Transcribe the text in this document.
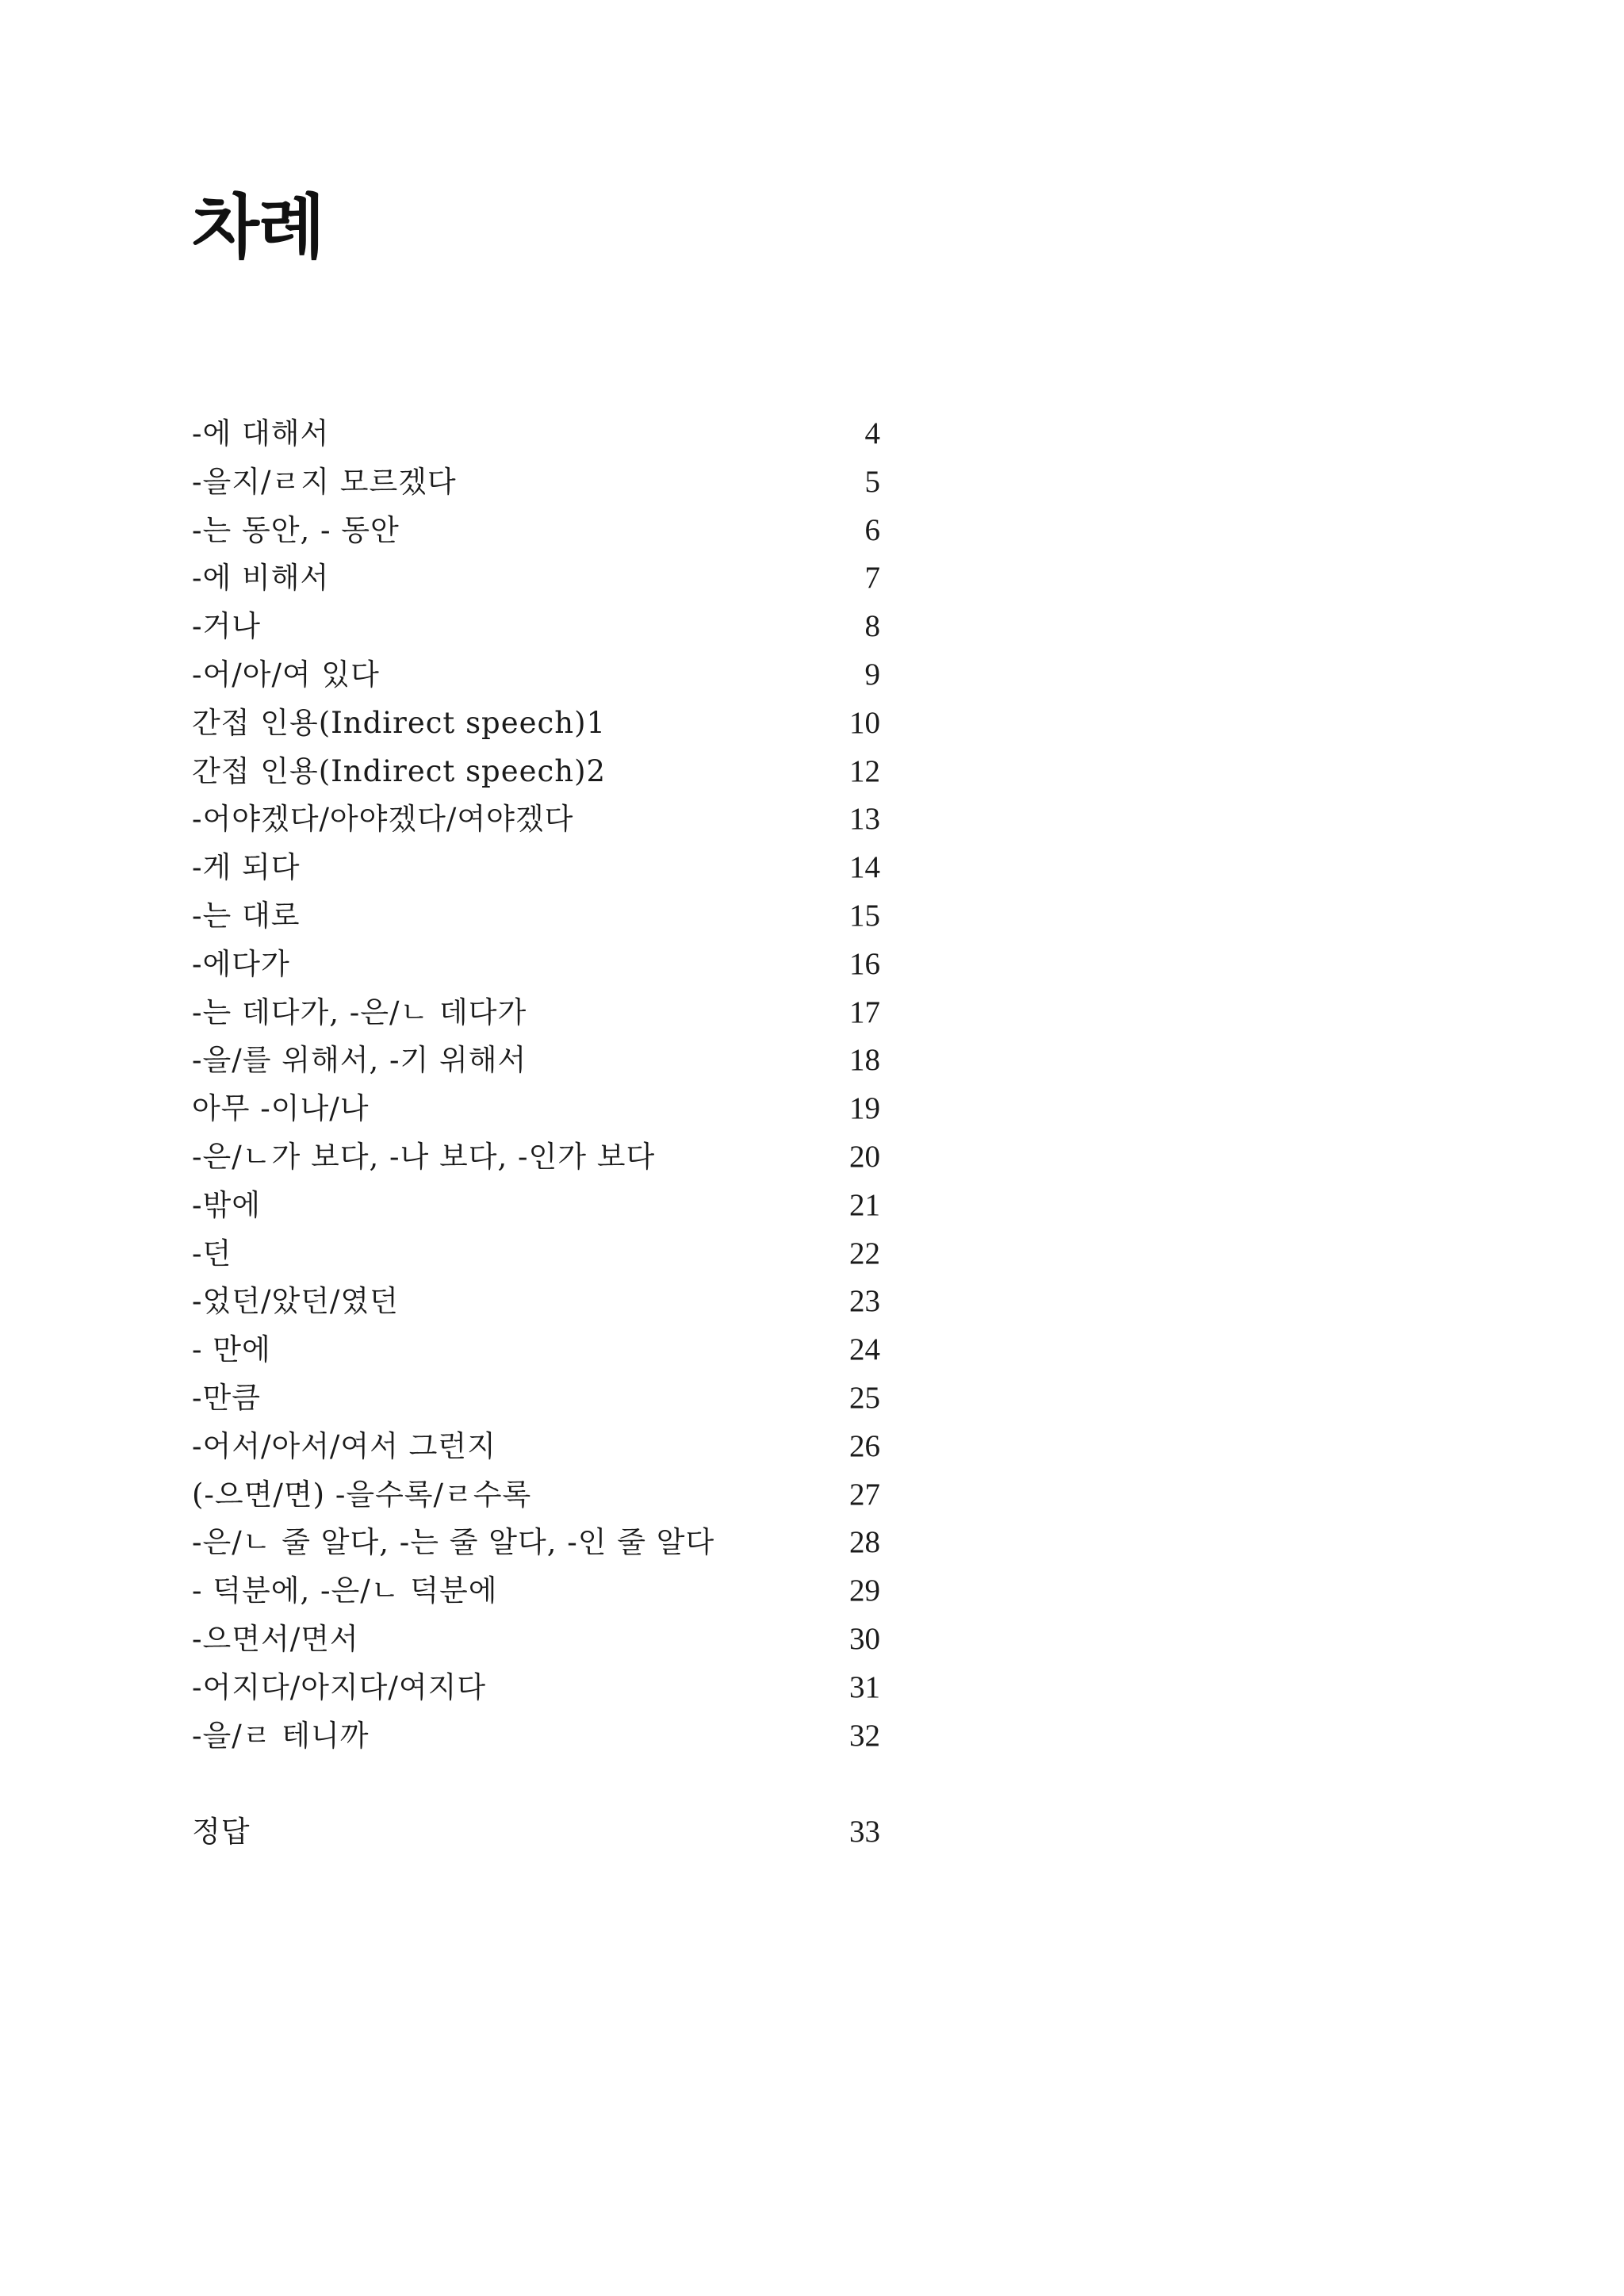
차례
-에 대해서	4
-을지/ㄹ지 모르겠다	5
-는 동안, - 동안	6
-에 비해서	7
-거나	8
-어/아/여 있다	9
간접 인용(Indirect speech)1	10
간접 인용(Indirect speech)2	12
-어야겠다/아야겠다/여야겠다	13
-게 되다	14
-는 대로	15
-에다가	16
-는 데다가, -은/ㄴ 데다가	17
-을/를 위해서, -기 위해서	18
아무 -이나/나	19
-은/ㄴ가 보다, -나 보다, -인가 보다	20
-밖에	21
-던	22
-었던/았던/였던	23
- 만에	24
-만큼	25
-어서/아서/여서 그런지	26
(-으면/면) -을수록/ㄹ수록	27
-은/ㄴ 줄 알다, -는 줄 알다, -인 줄 알다	28
- 덕분에, -은/ㄴ 덕분에	29
-으면서/면서	30
-어지다/아지다/여지다	31
-을/ㄹ 테니까	32
정답	33
